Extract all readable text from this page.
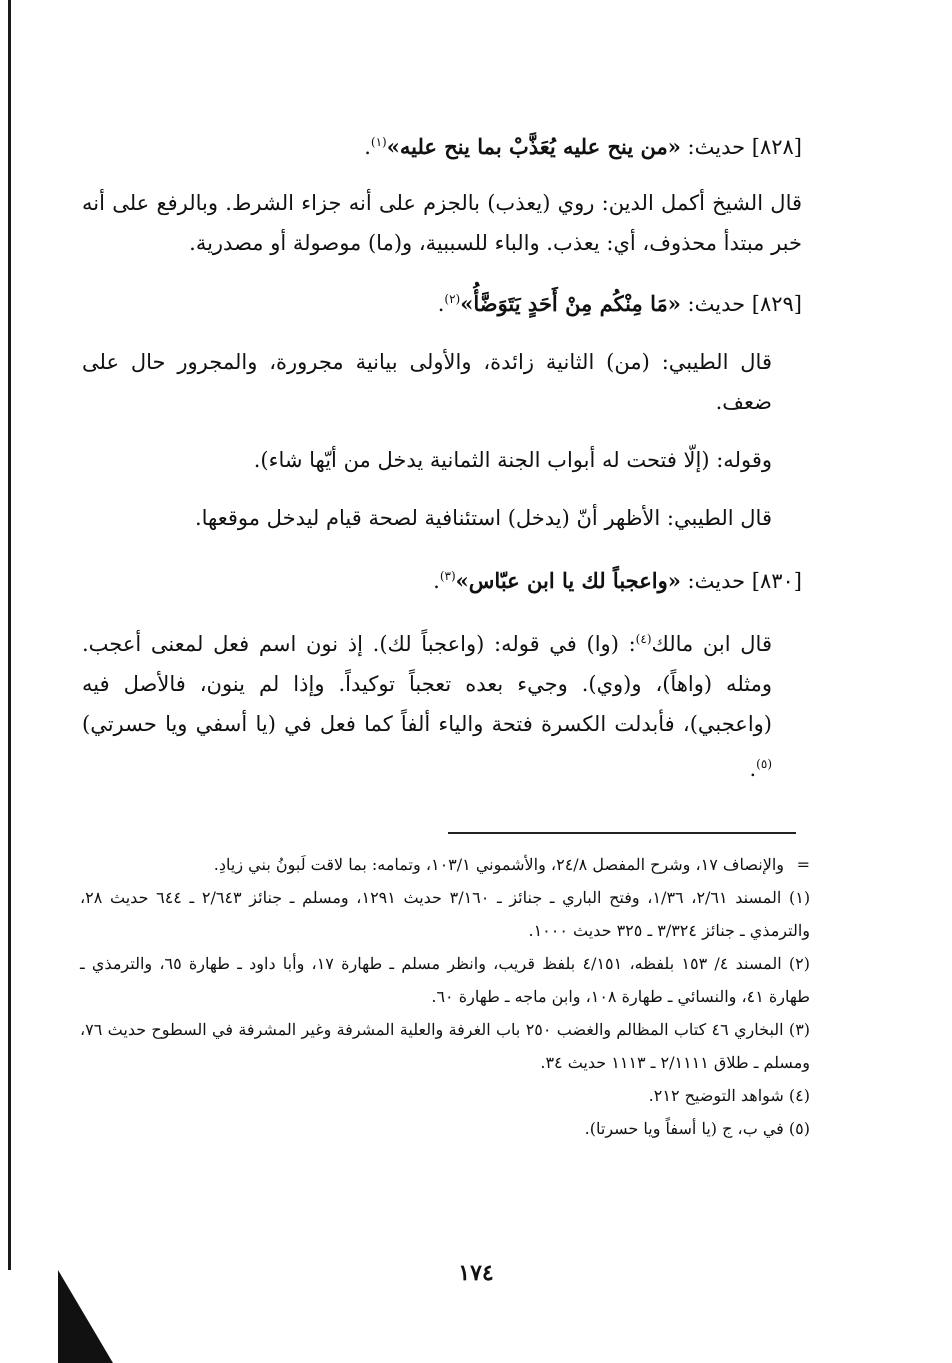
[٨٢٨] حديث: «من ينح عليه يُعَذَّبْ بما ينح عليه»$^{(١)}$.

قال الشيخ أكمل الدين: روي (يعذب) بالجزم على أنه جزاء الشرط. وبالرفع على أنه خبر مبتدأ محذوف، أي: يعذب. والباء للسببية، و(ما) موصولة أو مصدرية.

[٨٢٩] حديث: «مَا مِنْكُم مِنْ أَحَدٍ يَتَوَضَّأُ»$^{(٢)}$.

قال الطيبي: (من) الثانية زائدة، والأولى بيانية مجرورة، والمجرور حال على ضعف.

وقوله: (إلّا فتحت له أبواب الجنة الثمانية يدخل من أيّها شاء).

قال الطيبي: الأظهر أنّ (يدخل) استئنافية لصحة قيام ليدخل موقعها.

[٨٣٠] حديث: «واعجباً لك يا ابن عبّاس»$^{(٣)}$.

قال ابن مالك$^{(٤)}$: (وا) في قوله: (واعجباً لك). إذ نون اسم فعل لمعنى أعجب. ومثله (واهاً)، و(وي). وجيء بعده تعجباً توكيداً. وإذا لم ينون، فالأصل فيه (واعجبي)، فأبدلت الكسرة فتحة والياء ألفاً كما فعل في (يا أسفي ويا حسرتي)$^{(٥)}$.

=

والإنصاف ١٧، وشرح المفصل ٢٤/٨، والأشموني ١٠٣/١، وتمامه: بما لاقت لَبونُ بني زيادِ.

(١) المسند ٢/٦١، ١/٣٦، وفتح الباري ـ جنائز ـ ٣/١٦٠ حديث ١٢٩١، ومسلم ـ جنائز ٢/٦٤٣ ـ ٦٤٤ حديث ٢٨، والترمذي ـ جنائز ٣/٣٢٤ ـ ٣٢٥ حديث ١٠٠٠.

(٢) المسند ٤/ ١٥٣ بلفظه، ٤/١٥١ بلفظ قريب، وانظر مسلم ـ طهارة ١٧، وأبا داود ـ طهارة ٦٥، والترمذي ـ طهارة ٤١، والنسائي ـ طهارة ١٠٨، وابن ماجه ـ طهارة ٦٠.

(٣) البخاري ٤٦ كتاب المظالم والغضب ٢٥٠ باب الغرفة والعلية المشرفة وغير المشرفة في السطوح حديث ٧٦، ومسلم ـ طلاق ٢/١١١١ ـ ١١١٣ حديث ٣٤.

(٤) شواهد التوضيح ٢١٢.

(٥) في ب، ج (يا أسفاً ويا حسرتا).

١٧٤
